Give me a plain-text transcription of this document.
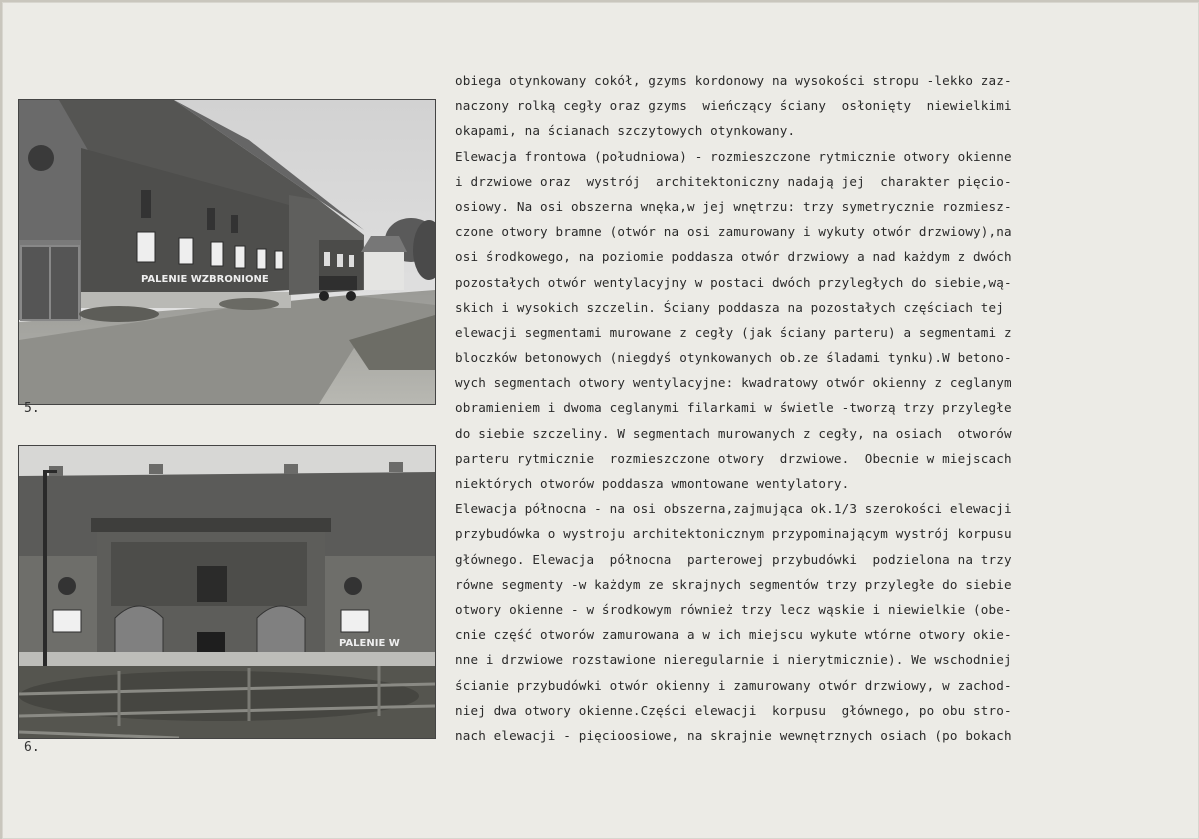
PALENIE WZBRONIONE
5.
PALENIE W
6.
obiega otynkowany cokół, gzyms kordonowy na wysokości stropu -lekko zaz-
naczony rolką cegły oraz gzyms  wieńczący ściany  osłonięty  niewielkimi
okapami, na ścianach szczytowych otynkowany.
Elewacja frontowa (południowa) - rozmieszczone rytmicznie otwory okienne
i drzwiowe oraz  wystrój  architektoniczny nadają jej  charakter pięcio-
osiowy. Na osi obszerna wnęka,w jej wnętrzu: trzy symetrycznie rozmiesz-
czone otwory bramne (otwór na osi zamurowany i wykuty otwór drzwiowy),na
osi środkowego, na poziomie poddasza otwór drzwiowy a nad każdym z dwóch
pozostałych otwór wentylacyjny w postaci dwóch przyległych do siebie,wą-
skich i wysokich szczelin. Ściany poddasza na pozostałych częściach tej
elewacji segmentami murowane z cegły (jak ściany parteru) a segmentami z
bloczków betonowych (niegdyś otynkowanych ob.ze śladami tynku).W betono-
wych segmentach otwory wentylacyjne: kwadratowy otwór okienny z ceglanym
obramieniem i dwoma ceglanymi filarkami w świetle -tworzą trzy przyległe
do siebie szczeliny. W segmentach murowanych z cegły, na osiach  otworów
parteru rytmicznie  rozmieszczone otwory  drzwiowe.  Obecnie w miejscach
niektórych otworów poddasza wmontowane wentylatory.
Elewacja północna - na osi obszerna,zajmująca ok.1/3 szerokości elewacji
przybudówka o wystroju architektonicznym przypominającym wystrój korpusu
głównego. Elewacja  północna  parterowej przybudówki  podzielona na trzy
równe segmenty -w każdym ze skrajnych segmentów trzy przyległe do siebie
otwory okienne - w środkowym również trzy lecz wąskie i niewielkie (obe-
cnie część otworów zamurowana a w ich miejscu wykute wtórne otwory okie-
nne i drzwiowe rozstawione nieregularnie i nierytmicznie). We wschodniej
ścianie przybudówki otwór okienny i zamurowany otwór drzwiowy, w zachod-
niej dwa otwory okienne.Części elewacji  korpusu  głównego, po obu stro-
nach elewacji - pięcioosiowe, na skrajnie wewnętrznych osiach (po bokach
